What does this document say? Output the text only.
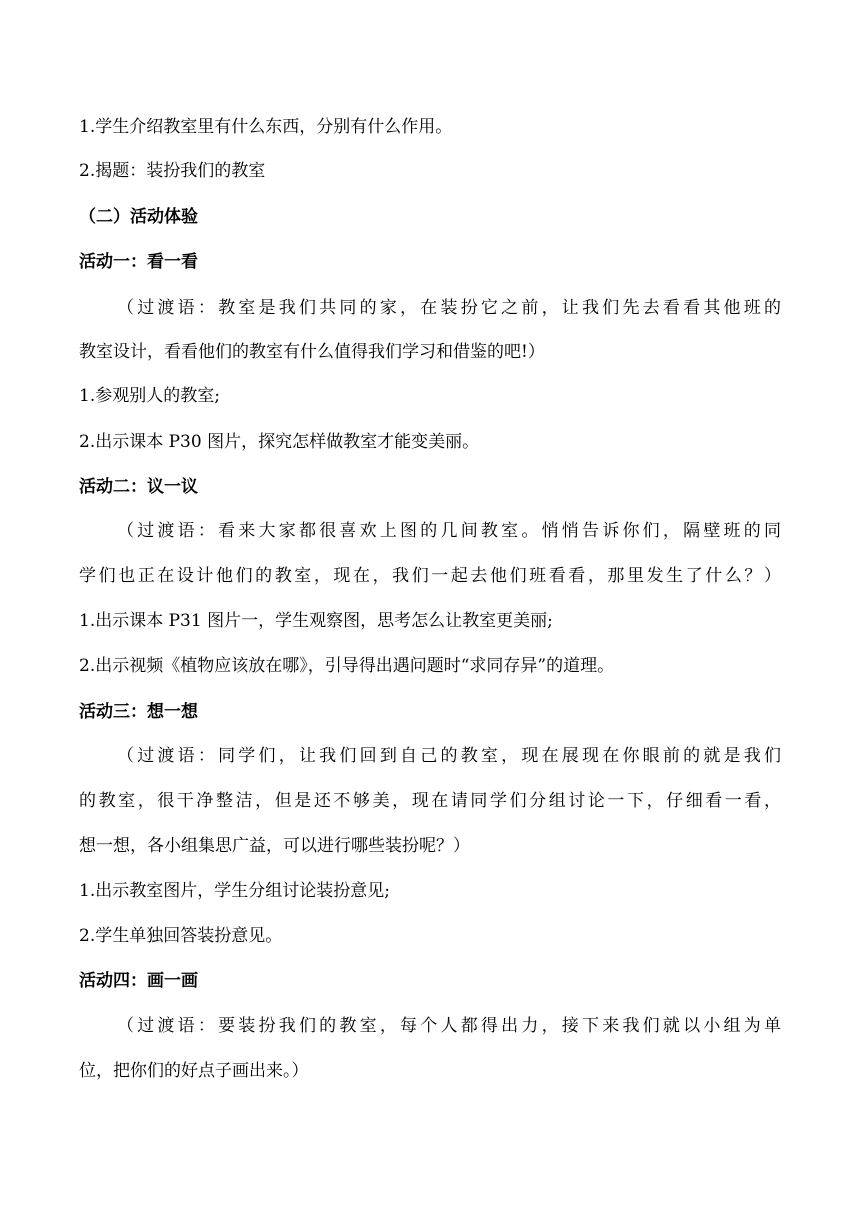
1.学生介绍教室里有什么东西，分别有什么作用。
2.揭题：装扮我们的教室
（二）活动体验
活动一：看一看
（过渡语：教室是我们共同的家，在装扮它之前，让我们先去看看其他班的
教室设计，看看他们的教室有什么值得我们学习和借鉴的吧!）
1.参观别人的教室;
2.出示课本 P30 图片，探究怎样做教室才能变美丽。
活动二：议一议
（过渡语：看来大家都很喜欢上图的几间教室。悄悄告诉你们，隔壁班的同
学们也正在设计他们的教室，现在，我们一起去他们班看看，那里发生了什么？）
1.出示课本 P31 图片一，学生观察图，思考怎么让教室更美丽;
2.出示视频《植物应该放在哪》，引导得出遇问题时“求同存异”的道理。
活动三：想一想
（过渡语：同学们，让我们回到自己的教室，现在展现在你眼前的就是我们
的教室，很干净整洁，但是还不够美，现在请同学们分组讨论一下，仔细看一看，
想一想，各小组集思广益，可以进行哪些装扮呢？）
1.出示教室图片，学生分组讨论装扮意见;
2.学生单独回答装扮意见。
活动四：画一画
（过渡语：要装扮我们的教室，每个人都得出力，接下来我们就以小组为单
位，把你们的好点子画出来。）
